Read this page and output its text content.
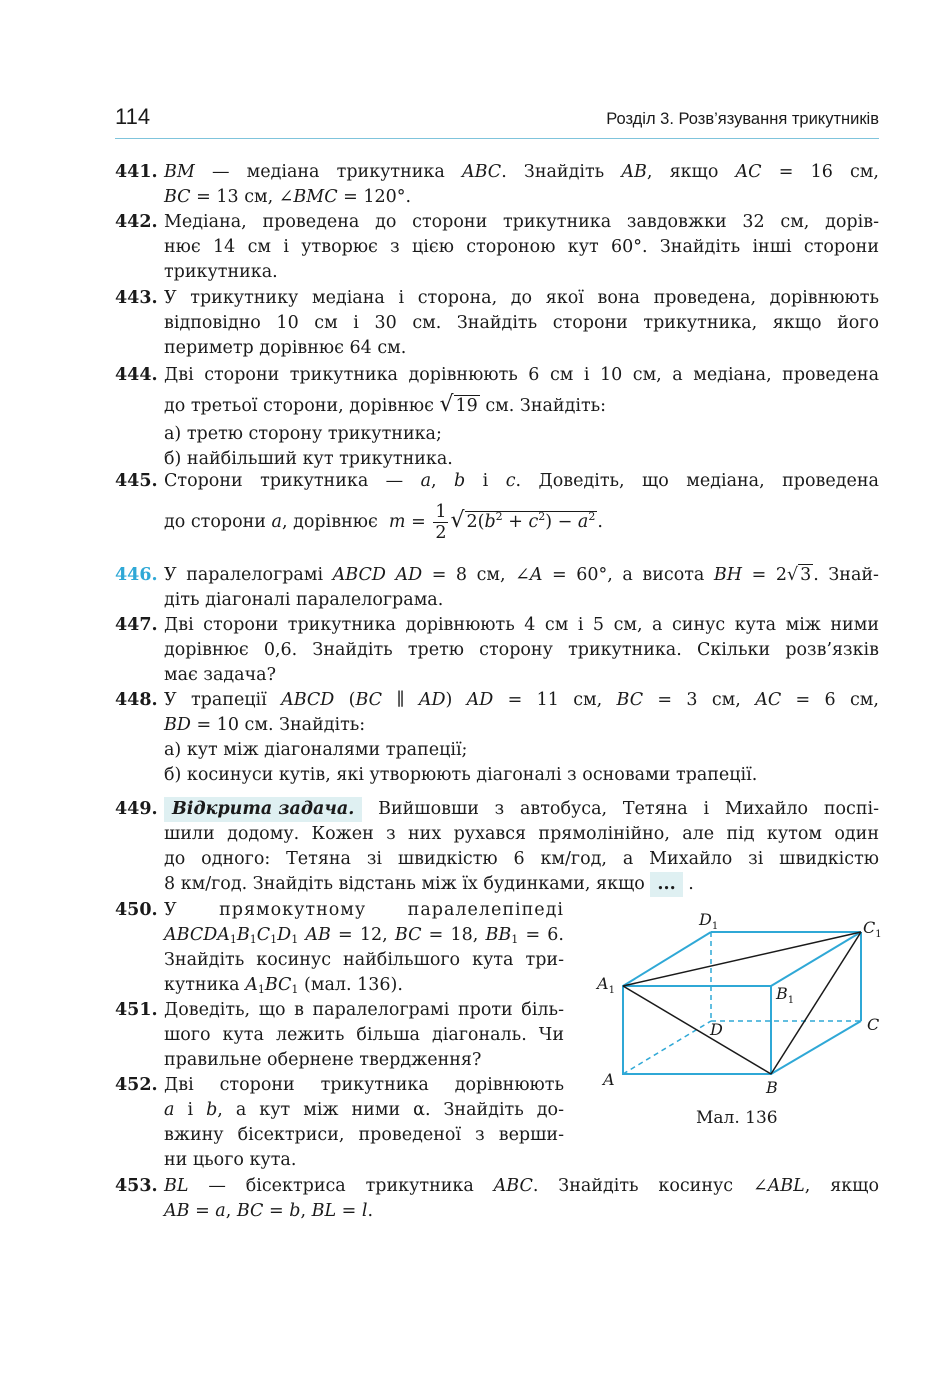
114	Розділ 3. Розв’язування трикутників
441. BM — медіана трикутника ABC. Знайдіть AB, якщо AC = 16 см,
BC = 13 см, ∠BMC = 120°.
442. Медіана, проведена до сторони трикутника завдовжки 32 см, дорів-
нює 14 см і утворює з цією стороною кут 60°. Знайдіть інші сторони
трикутника.
443. У трикутнику медіана і сторона, до якої вона проведена, дорівнюють
відповідно 10 см і 30 см. Знайдіть сторони трикутника, якщо його
периметр дорівнює 64 см.
444. Дві сторони трикутника дорівнюють 6 см і 10 см, а медіана, проведена
до третьої сторони, дорівнює √ 19 см. Знайдіть:
а) третю сторону трикутника;
б) найбільший кут трикутника.
445. Сторони трикутника — a, b і c. Доведіть, що медіана, проведена
до сторони a, дорівнює $m = \frac{1}{2}$ √ $2(b^2 + c^2) - a^2$ .
446. У паралелограмі ABCD AD = 8 см, ∠A = 60°, а висота BH = 2√ 3 . Знай-
діть діагоналі паралелограма.
447. Дві сторони трикутника дорівнюють 4 см і 5 см, а синус кута між ними
дорівнює 0,6. Знайдіть третю сторону трикутника. Скільки розв’язків
має задача?
448. У трапеції ABCD (BC ∥ AD) AD = 11 см, BC = 3 см, AC = 6 см,
BD = 10 см. Знайдіть:
а) кут між діагоналями трапеції;
б) косинуси кутів, які утворюють діагоналі з основами трапеції.
449. Відкрита задача. Вийшовши з автобуса, Тетяна і Михайло поспі-
шили додому. Кожен з них рухався прямолінійно, але під кутом один
до одного: Тетяна зі швидкістю 6 км/год, а Михайло зі швидкістю
8 км/год. Знайдіть відстань між їх будинками, якщо ... .
450. У прямокутному паралелепіпеді
$ABCDA_1B_1C_1D_1$ AB = 12, BC = 18, $BB_1 = 6$.
Знайдіть косинус найбільшого кута три-
кутника $A_1BC_1$ (мал. 136).
451. Доведіть, що в паралелограмі проти біль-
шого кута лежить більша діагональ. Чи
правильне обернене твердження?
452. Дві сторони трикутника дорівнюють
a і b, а кут між ними α. Знайдіть до-
вжину бісектриси, проведеної з верши-
ни цього кута.
453. BL — бісектриса трикутника ABC. Знайдіть косинус ∠ABL, якщо
AB = a, BC = b, BL = l.
$D_1$	$C_1$
$A_1$	$B_1$
D	C
A	B
Мал. 136
